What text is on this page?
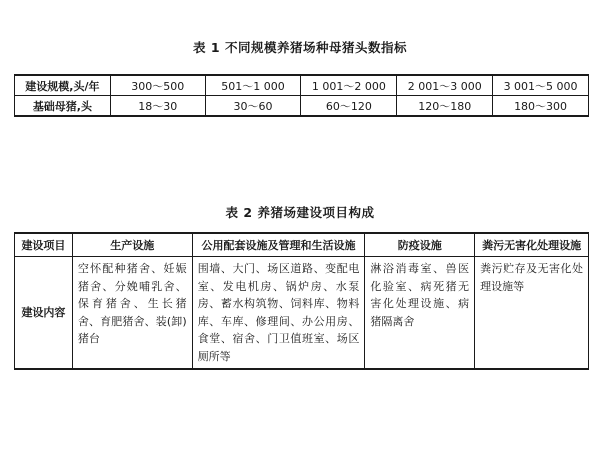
表 1 不同规模养猪场种母猪头数指标
建设规模,头/年	300～500	501～1 000	1 001～2 000	2 001～3 000	3 001～5 000
基础母猪,头	18～30	30～60	60～120	120～180	180～300
表 2 养猪场建设项目构成
建设项目	生产设施	公用配套设施及管理和生活设施	防疫设施	粪污无害化处理设施
建设内容	空怀配种猪舍、妊娠猪舍、分娩哺乳舍、保育猪舍、生长猪舍、育肥猪舍、装(卸)猪台	围墙、大门、场区道路、变配电室、发电机房、锅炉房、水泵房、蓄水构筑物、饲料库、物料库、车库、修理间、办公用房、食堂、宿舍、门卫值班室、场区厕所等	淋浴消毒室、兽医化验室、病死猪无害化处理设施、病猪隔离舍	粪污贮存及无害化处理设施等
